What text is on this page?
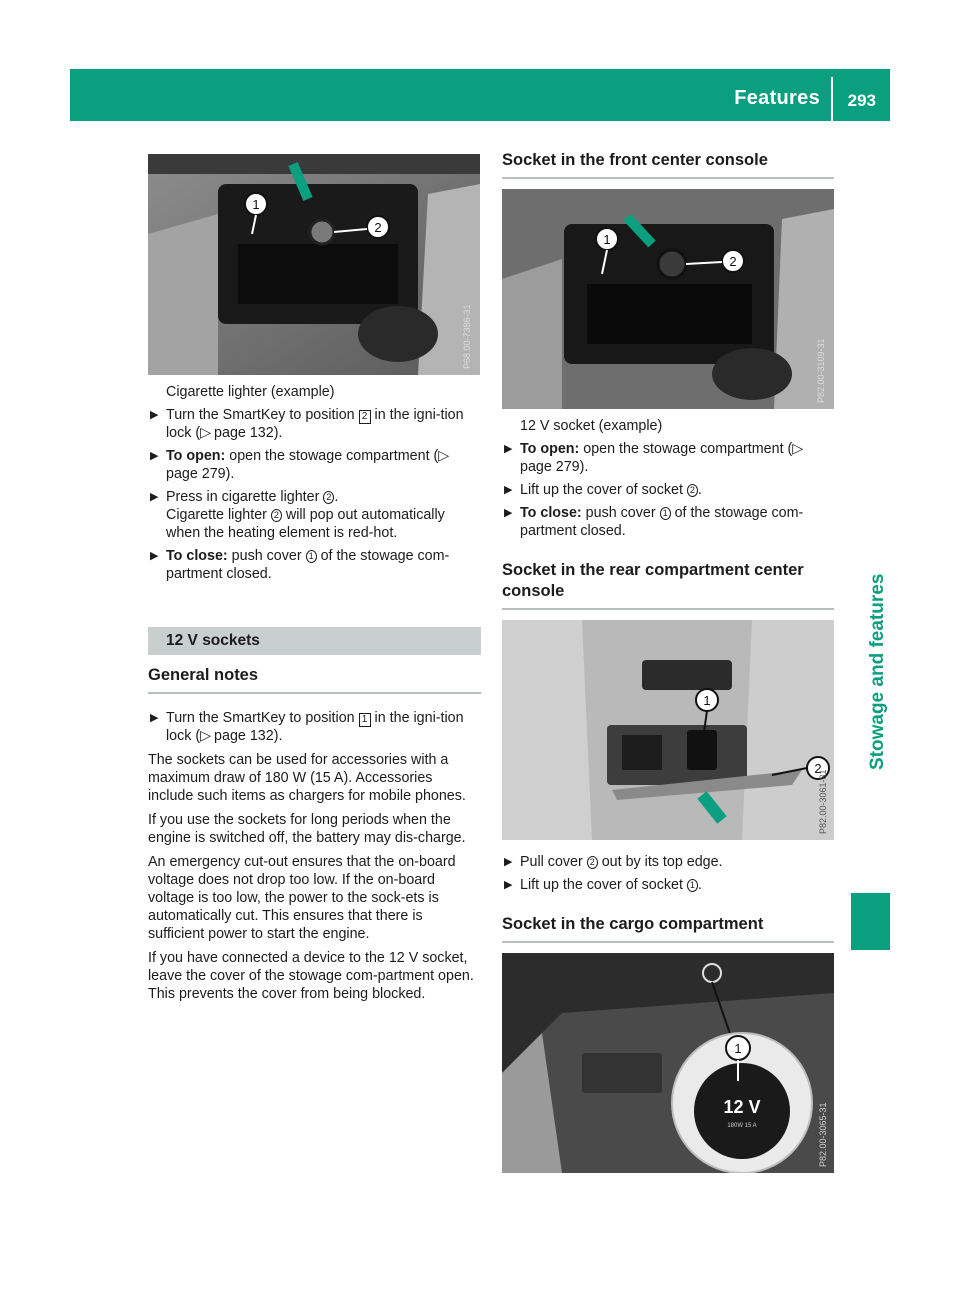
Features 293
Stowage and features
1
2
P68.00-7386-31
Cigarette lighter (example)
▶ Turn the SmartKey to position 2 in the igni-tion lock (▷  page 132).
▶ To open: open the stowage compartment (▷ page 279).
▶ Press in cigarette lighter 2 .
Cigarette lighter 2 will pop out automatically when the heating element is red-hot.
▶ To close: push cover 1 of the stowage com-partment closed.
12 V sockets
General notes
▶ Turn the SmartKey to position 1 in the igni-tion lock (▷  page 132).

The sockets can be used for accessories with a maximum draw of 180 W (15 A). Accessories include such items as chargers for mobile phones.

If you use the sockets for long periods when the engine is switched off, the battery may dis-charge.

An emergency cut-out ensures that the on-board voltage does not drop too low. If the on-board voltage is too low, the power to the sock-ets is automatically cut. This ensures that there is sufficient power to start the engine.

If you have connected a device to the 12 V socket, leave the cover of the stowage com-partment open. This prevents the cover from being blocked.

Socket in the front center console
1
2
P82.00-3109-31
12 V socket (example)
▶ To open: open the stowage compartment (▷ page 279).
▶ Lift up the cover of socket 2 .
▶ To close: push cover 1 of the stowage com-partment closed.
Socket in the rear compartment center console
1
2
P82.00-3061-31
▶ Pull cover 2 out by its top edge.
▶ Lift up the cover of socket 1 .
Socket in the cargo compartment
1
12 V
180W 15 A	P82.00-3065-31
